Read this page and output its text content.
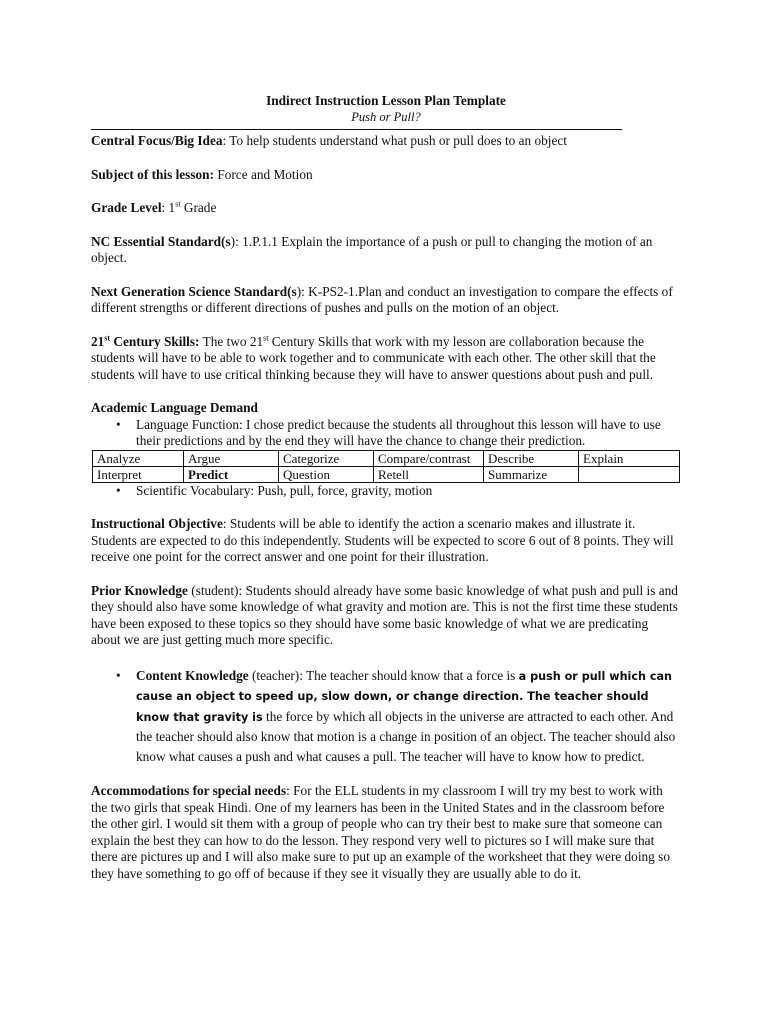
Indirect Instruction Lesson Plan Template
Push or Pull?

Central Focus/Big Idea: To help students understand what push or pull does to an object

Subject of this lesson: Force and Motion

Grade Level: 1st Grade

NC Essential Standard(s): 1.P.1.1 Explain the importance of a push or pull to changing the motion of an object.

Next Generation Science Standard(s): K-PS2-1.Plan and conduct an investigation to compare the effects of different strengths or different directions of pushes and pulls on the motion of an object.

21st Century Skills: The two 21st Century Skills that work with my lesson are collaboration because the students will have to be able to work together and to communicate with each other. The other skill that the students will have to use critical thinking because they will have to answer questions about push and pull.

Academic Language Demand
• Language Function: I chose predict because the students all throughout this lesson will have to use their predictions and by the end they will have the chance to change their prediction.
Analyze	Argue	Categorize	Compare/contrast	Describe	Explain
Interpret	Predict	Question	Retell	Summarize	
• Scientific Vocabulary: Push, pull, force, gravity, motion

Instructional Objective: Students will be able to identify the action a scenario makes and illustrate it. Students are expected to do this independently. Students will be expected to score 6 out of 8 points. They will receive one point for the correct answer and one point for their illustration.

Prior Knowledge (student): Students should already have some basic knowledge of what push and pull is and they should also have some knowledge of what gravity and motion are. This is not the first time these students have been exposed to these topics so they should have some basic knowledge of what we are predicating about we are just getting much more specific.

• Content Knowledge (teacher): The teacher should know that a force is a push or pull which can cause an object to speed up, slow down, or change direction. The teacher should know that gravity is the force by which all objects in the universe are attracted to each other. And the teacher should also know that motion is a change in position of an object. The teacher should also know what causes a push and what causes a pull. The teacher will have to know how to predict.

Accommodations for special needs: For the ELL students in my classroom I will try my best to work with the two girls that speak Hindi. One of my learners has been in the United States and in the classroom before the other girl. I would sit them with a group of people who can try their best to make sure that someone can explain the best they can how to do the lesson. They respond very well to pictures so I will make sure that there are pictures up and I will also make sure to put up an example of the worksheet that they were doing so they have something to go off of because if they see it visually they are usually able to do it.
